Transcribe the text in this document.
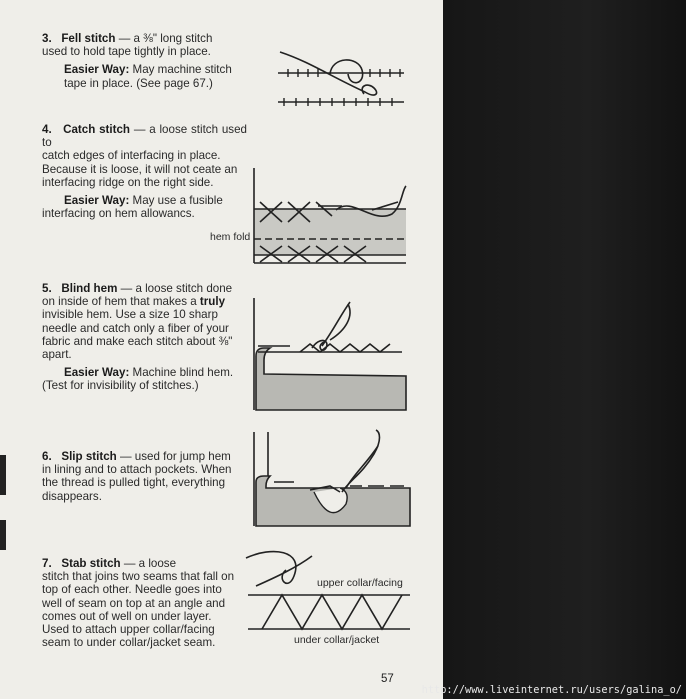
3. Fell stitch — a ⅜" long stitch

used to hold tape tightly in place.

Easier Way: May machine stitch

tape in place. (See page 67.)

4. Catch stitch — a loose stitch used to

catch edges of interfacing in place.

Because it is loose, it will not ceate an

interfacing ridge on the right side.

Easier Way: May use a fusible

interfacing on hem allowancs.

5. Blind hem — a loose stitch done

on inside of hem that makes a truly

invisible hem. Use a size 10 sharp

needle and catch only a fiber of your

fabric and make each stitch about ⅜"

apart.

Easier Way: Machine blind hem.

(Test for invisibility of stitches.)

6. Slip stitch — used for jump hem

in lining and to attach pockets. When

the thread is pulled tight, everything

disappears.

7. Stab stitch — a loose

stitch that joins two seams that fall on

top of each other. Needle goes into

well of seam on top at an angle and

comes out of well on under layer.

Used to attach upper collar/facing

seam to under collar/jacket seam.

hem fold
upper collar/facing
under collar/jacket
57
http://www.liveinternet.ru/users/galina_o/
